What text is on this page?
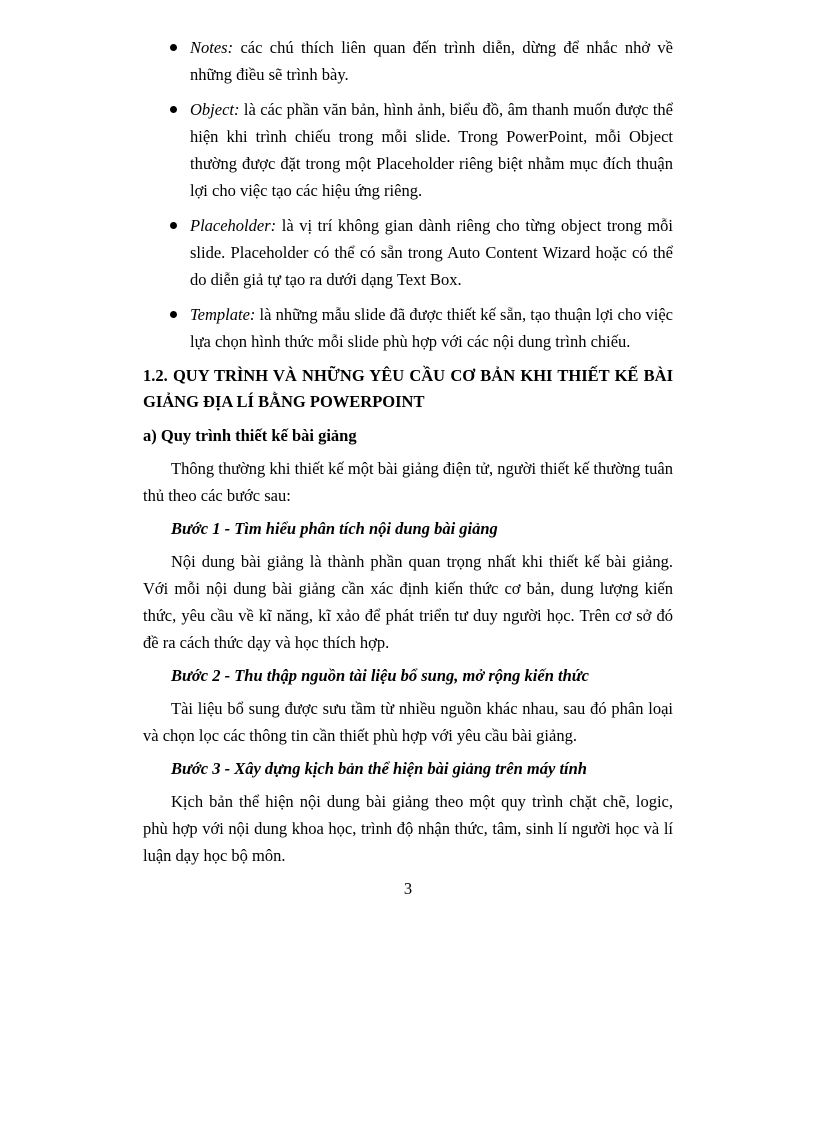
Notes: các chú thích liên quan đến trình diễn, dừng để nhắc nhở về những điều sẽ trình bày.
Object: là các phần văn bản, hình ảnh, biểu đồ, âm thanh muốn được thể hiện khi trình chiếu trong mỗi slide. Trong PowerPoint, mỗi Object thường được đặt trong một Placeholder riêng biệt nhằm mục đích thuận lợi cho việc tạo các hiệu ứng riêng.
Placeholder: là vị trí không gian dành riêng cho từng object trong mỗi slide. Placeholder có thể có sẵn trong Auto Content Wizard hoặc có thể do diễn giả tự tạo ra dưới dạng Text Box.
Template: là những mẫu slide đã được thiết kế sẵn, tạo thuận lợi cho việc lựa chọn hình thức mỗi slide phù hợp với các nội dung trình chiếu.
1.2. QUY TRÌNH VÀ NHỮNG YÊU CẦU CƠ BẢN KHI THIẾT KẾ BÀI GIẢNG ĐỊA LÍ BẰNG POWERPOINT
a) Quy trình thiết kế bài giảng

Thông thường khi thiết kế một bài giảng điện tử, người thiết kế thường tuân thủ theo các bước sau:

Bước 1 - Tìm hiểu phân tích nội dung bài giảng

Nội dung bài giảng là thành phần quan trọng nhất khi thiết kế bài giảng. Với mỗi nội dung bài giảng cần xác định kiến thức cơ bản, dung lượng kiến thức, yêu cầu về kĩ năng, kĩ xảo để phát triển tư duy người học. Trên cơ sở đó đề ra cách thức dạy và học thích hợp.

Bước 2 - Thu thập nguồn tài liệu bổ sung, mở rộng kiến thức

Tài liệu bổ sung được sưu tầm từ nhiều nguồn khác nhau, sau đó phân loại và chọn lọc các thông tin cần thiết phù hợp với yêu cầu bài giảng.

Bước 3 - Xây dựng kịch bản thể hiện bài giảng trên máy tính

Kịch bản thể hiện nội dung bài giảng theo một quy trình chặt chẽ, logic, phù hợp với nội dung khoa học, trình độ nhận thức, tâm, sinh lí người học và lí luận dạy học bộ môn.

3
